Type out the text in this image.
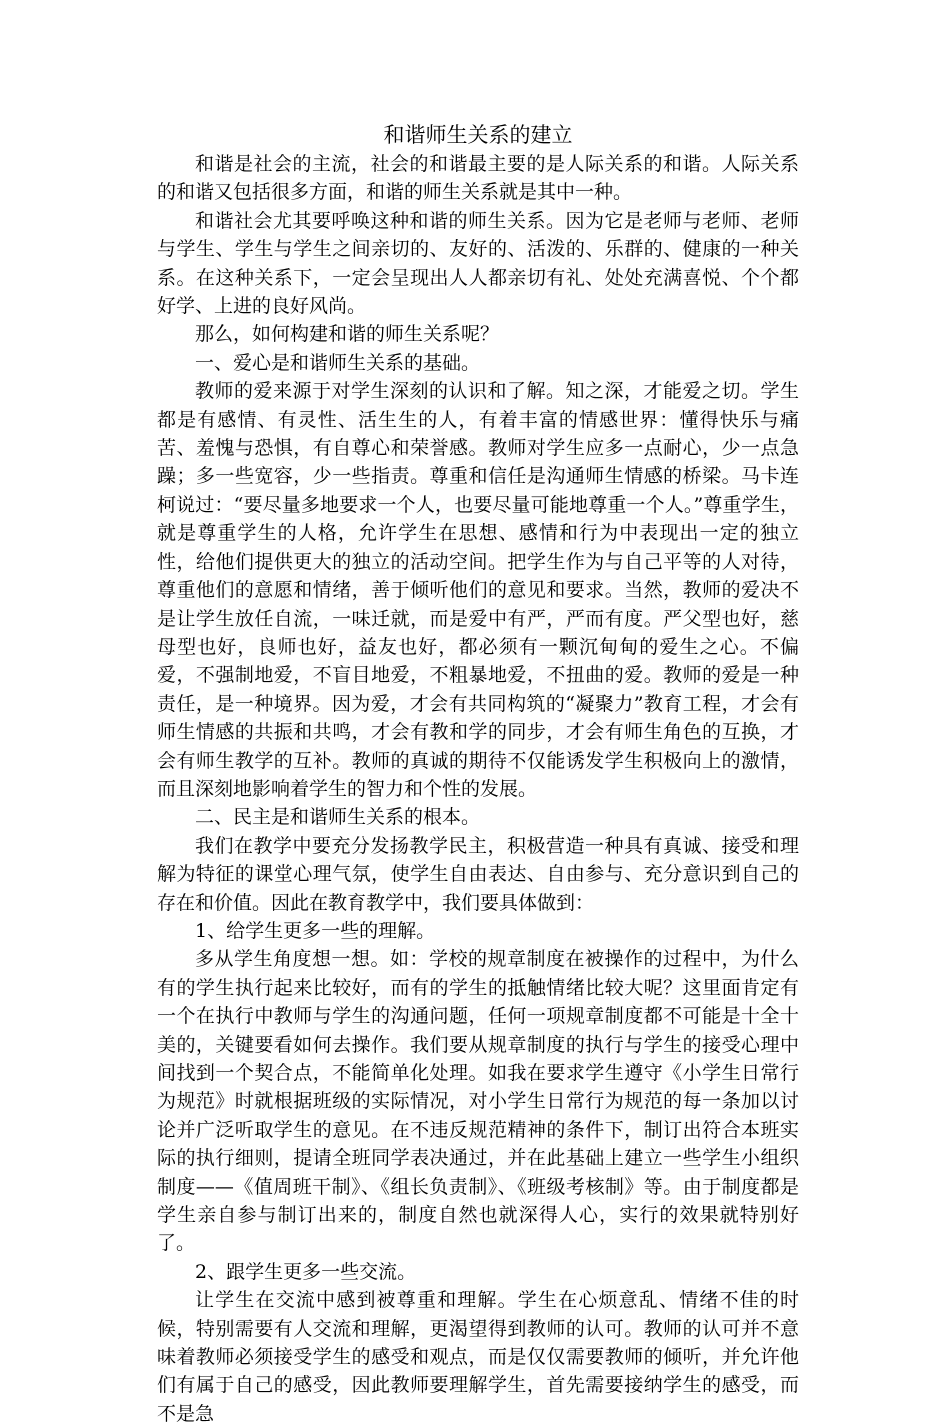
和谐师生关系的建立

和谐是社会的主流，社会的和谐最主要的是人际关系的和谐。人际关系的和谐又包括很多方面，和谐的师生关系就是其中一种。

和谐社会尤其要呼唤这种和谐的师生关系。因为它是老师与老师、老师与学生、学生与学生之间亲切的、友好的、活泼的、乐群的、健康的一种关系。在这种关系下，一定会呈现出人人都亲切有礼、处处充满喜悦、个个都好学、上进的良好风尚。

那么，如何构建和谐的师生关系呢？

一、爱心是和谐师生关系的基础。

教师的爱来源于对学生深刻的认识和了解。知之深，才能爱之切。学生都是有感情、有灵性、活生生的人，有着丰富的情感世界：懂得快乐与痛苦、羞愧与恐惧，有自尊心和荣誉感。教师对学生应多一点耐心，少一点急躁；多一些宽容，少一些指责。尊重和信任是沟通师生情感的桥梁。马卡连柯说过：“要尽量多地要求一个人，也要尽量可能地尊重一个人。”尊重学生，就是尊重学生的人格，允许学生在思想、感情和行为中表现出一定的独立性，给他们提供更大的独立的活动空间。把学生作为与自己平等的人对待，尊重他们的意愿和情绪，善于倾听他们的意见和要求。当然，教师的爱决不是让学生放任自流，一味迁就，而是爱中有严，严而有度。严父型也好，慈母型也好，良师也好，益友也好，都必须有一颗沉甸甸的爱生之心。不偏爱，不强制地爱，不盲目地爱，不粗暴地爱，不扭曲的爱。教师的爱是一种责任，是一种境界。因为爱，才会有共同构筑的“凝聚力”教育工程，才会有师生情感的共振和共鸣，才会有教和学的同步，才会有师生角色的互换，才会有师生教学的互补。教师的真诚的期待不仅能诱发学生积极向上的激情，而且深刻地影响着学生的智力和个性的发展。

二、民主是和谐师生关系的根本。

我们在教学中要充分发扬教学民主，积极营造一种具有真诚、接受和理解为特征的课堂心理气氛，使学生自由表达、自由参与、充分意识到自己的存在和价值。因此在教育教学中，我们要具体做到：

1、给学生更多一些的理解。

多从学生角度想一想。如：学校的规章制度在被操作的过程中，为什么有的学生执行起来比较好，而有的学生的抵触情绪比较大呢？这里面肯定有一个在执行中教师与学生的沟通问题，任何一项规章制度都不可能是十全十美的，关键要看如何去操作。我们要从规章制度的执行与学生的接受心理中间找到一个契合点，不能简单化处理。如我在要求学生遵守《小学生日常行为规范》时就根据班级的实际情况，对小学生日常行为规范的每一条加以讨论并广泛听取学生的意见。在不违反规范精神的条件下，制订出符合本班实际的执行细则，提请全班同学表决通过，并在此基础上建立一些学生小组织制度——《值周班干制》、《组长负责制》、《班级考核制》等。由于制度都是学生亲自参与制订出来的，制度自然也就深得人心，实行的效果就特别好了。

2、跟学生更多一些交流。

让学生在交流中感到被尊重和理解。学生在心烦意乱、情绪不佳的时候，特别需要有人交流和理解，更渴望得到教师的认可。教师的认可并不意味着教师必须接受学生的感受和观点，而是仅仅需要教师的倾听，并允许他们有属于自己的感受，因此教师要理解学生，首先需要接纳学生的感受，而不是急
